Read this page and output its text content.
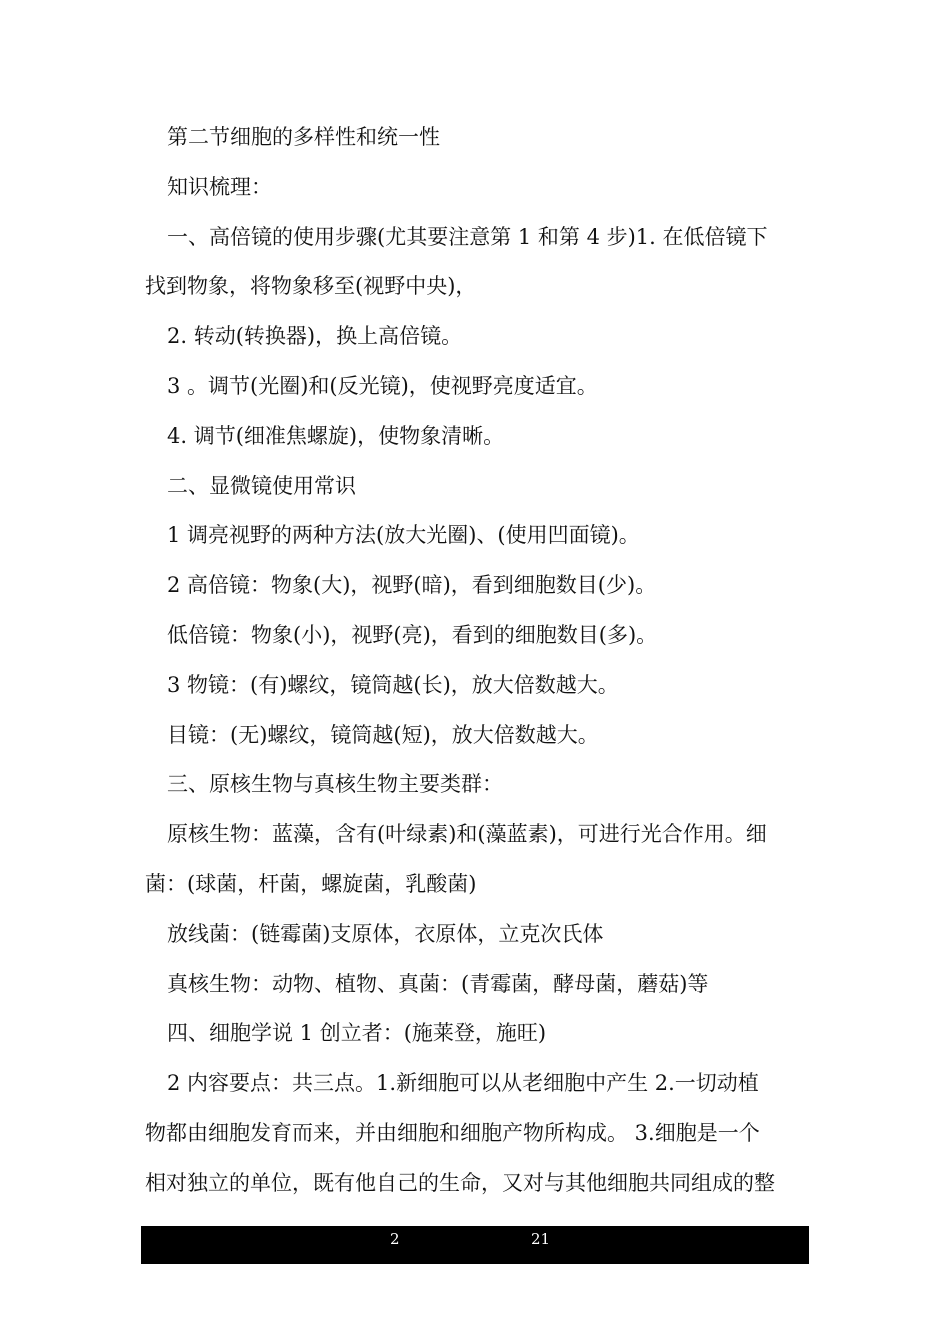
第二节细胞的多样性和统一性
知识梳理：
一、高倍镜的使用步骤(尤其要注意第 1 和第 4 步)1. 在低倍镜下
找到物象，将物象移至(视野中央)，
2. 转动(转换器)，换上高倍镜。
3 。调节(光圈)和(反光镜)，使视野亮度适宜。
4. 调节(细准焦螺旋)，使物象清晰。
二、显微镜使用常识
1 调亮视野的两种方法(放大光圈)、(使用凹面镜)。
2 高倍镜：物象(大)，视野(暗)，看到细胞数目(少)。
低倍镜：物象(小)，视野(亮)，看到的细胞数目(多)。
3 物镜：(有)螺纹，镜筒越(长)，放大倍数越大。
目镜：(无)螺纹，镜筒越(短)，放大倍数越大。
三、原核生物与真核生物主要类群：
原核生物：蓝藻，含有(叶绿素)和(藻蓝素)，可进行光合作用。细
菌：(球菌，杆菌，螺旋菌，乳酸菌)
放线菌：(链霉菌)支原体，衣原体，立克次氏体
真核生物：动物、植物、真菌：(青霉菌，酵母菌，蘑菇)等
四、细胞学说 1 创立者：(施莱登，施旺)
2 内容要点：共三点。1.新细胞可以从老细胞中产生 2.一切动植
物都由细胞发育而来，并由细胞和细胞产物所构成。 3.细胞是一个
相对独立的单位，既有他自己的生命，又对与其他细胞共同组成的整
2	21
